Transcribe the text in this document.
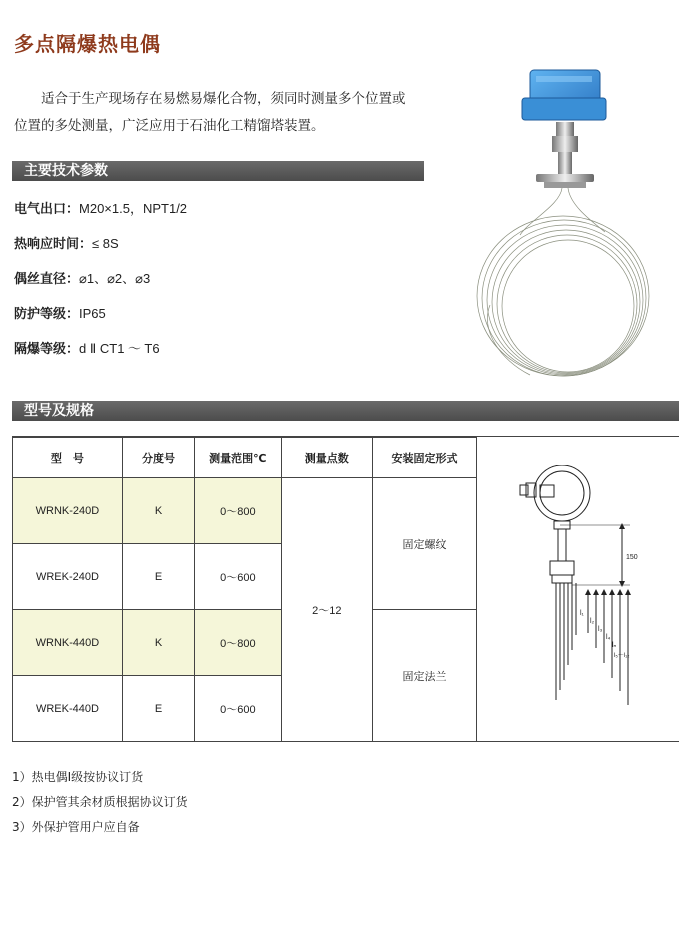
多点隔爆热电偶
适合于生产现场存在易燃易爆化合物，须同时测量多个位置或
位置的多处测量，广泛应用于石油化工精馏塔装置。
主要技术参数
电气出口：M20×1.5，NPT1/2
热响应时间：≤ 8S
偶丝直径：⌀1、⌀2、⌀3
防护等级：IP65
隔爆等级：d Ⅱ CT1 ～ T6
型号及规格
型　号	分度号	测量范围℃	测量点数	安装固定形式
WRNK-240D	K	0～800	2～12	固定螺纹
WREK-240D	E	0～600		
WRNK-440D	K	0～800		固定法兰
WREK-440D	E	0～600		
150
l₁
l₂
l₃
l₄
lₙ
l₅～l₁₂
1）热电偶Ⅰ级按协议订货
2）保护管其余材质根据协议订货
3）外保护管用户应自备
